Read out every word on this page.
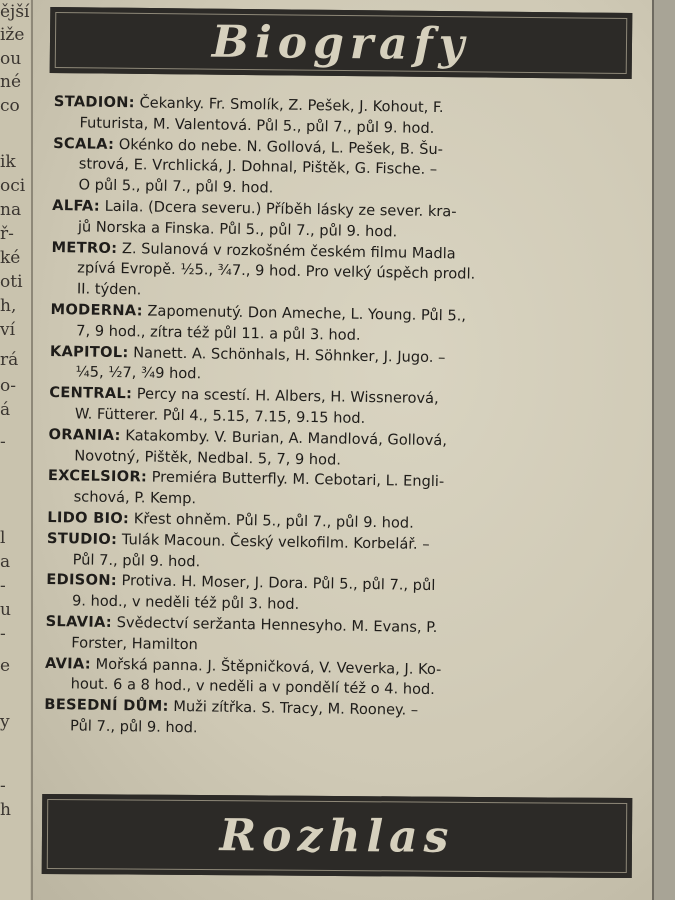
ější
iže
ou
né
co
ik
oci
na
ř-
ké
oti
h,
ví
rá
o-
á
-
l
a
-
u
-
e
y
-
h
Biografy
STADION: Čekanky. Fr. Smolík, Z. Pešek, J. Kohout, F.
Futurista, M. Valentová. Půl 5., půl 7., půl 9. hod.
SCALA: Okénko do nebe. N. Gollová, L. Pešek, B. Šu-
strová, E. Vrchlická, J. Dohnal, Pištěk, G. Fische. –
O půl 5., půl 7., půl 9. hod.
ALFA: Laila. (Dcera severu.) Příběh lásky ze sever. kra-
jů Norska a Finska. Půl 5., půl 7., půl 9. hod.
METRO: Z. Sulanová v rozkošném českém filmu Madla
zpívá Evropě. ½5., ¾7., 9 hod. Pro velký úspěch prodl.
II. týden.
MODERNA: Zapomenutý. Don Ameche, L. Young. Půl 5.,
7, 9 hod., zítra též půl 11. a půl 3. hod.
KAPITOL: Nanett. A. Schönhals, H. Söhnker, J. Jugo. –
¼5, ½7, ¾9 hod.
CENTRAL: Percy na scestí. H. Albers, H. Wissnerová,
W. Fütterer. Půl 4., 5.15, 7.15, 9.15 hod.
ORANIA: Katakomby. V. Burian, A. Mandlová, Gollová,
Novotný, Pištěk, Nedbal. 5, 7, 9 hod.
EXCELSIOR: Premiéra Butterfly. M. Cebotari, L. Engli-
schová, P. Kemp.
LIDO BIO: Křest ohněm. Půl 5., půl 7., půl 9. hod.
STUDIO: Tulák Macoun. Český velkofilm. Korbelář. –
Půl 7., půl 9. hod.
EDISON: Protiva. H. Moser, J. Dora. Půl 5., půl 7., půl
9. hod., v neděli též půl 3. hod.
SLAVIA: Svědectví seržanta Hennesyho. M. Evans, P.
Forster, Hamilton
AVIA: Mořská panna. J. Štěpničková, V. Veverka, J. Ko-
hout. 6 a 8 hod., v neděli a v pondělí též o 4. hod.
BESEDNÍ DŮM: Muži zítřka. S. Tracy, M. Rooney. –
Půl 7., půl 9. hod.
Rozhlas
